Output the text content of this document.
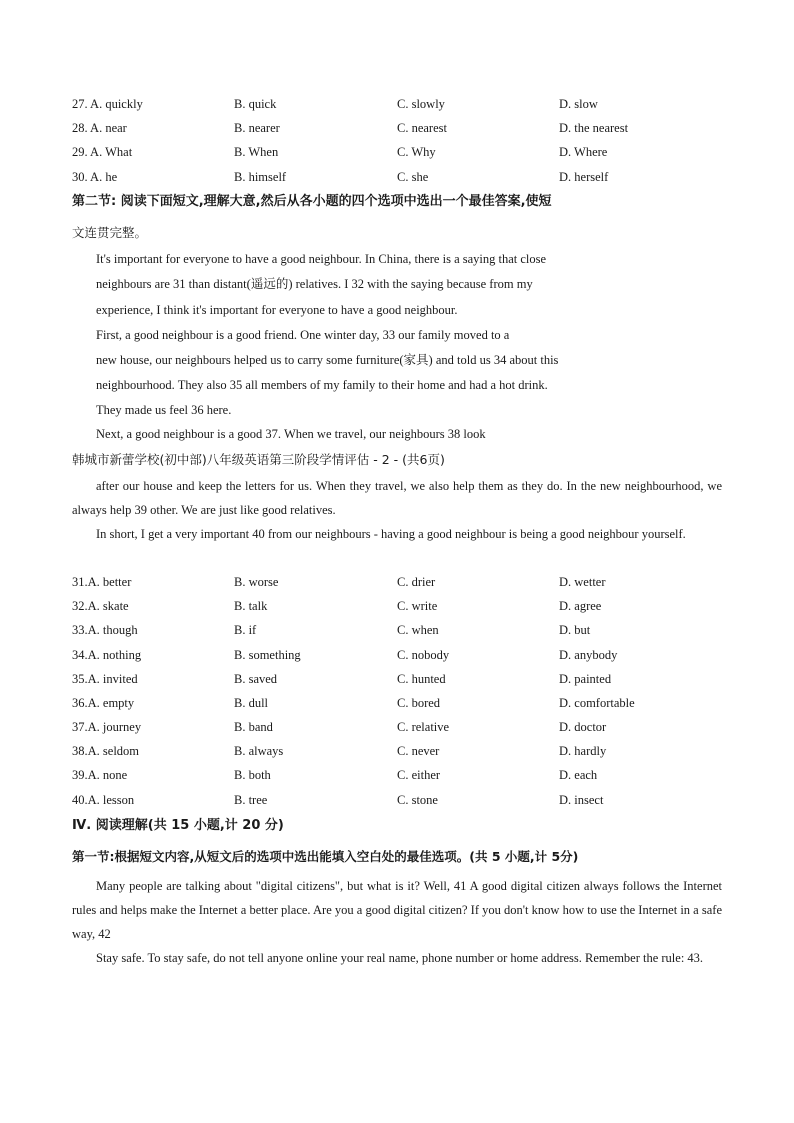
27. A. quickly	B. quick	C. slowly	D. slow
28. A. near	B. nearer	C. nearest	D. the nearest
29. A. What	B. When	C. Why	D. Where
30. A. he	B. himself	C. she	D. herself
第二节: 阅读下面短文,理解大意,然后从各小题的四个选项中选出一个最佳答案,使短
文连贯完整。
It's important for everyone to have a good neighbour. In China, there is a saying that close
neighbours are 31 than distant(遥远的) relatives. I 32 with the saying because from my
experience, I think it's important for everyone to have a good neighbour.
First, a good neighbour is a good friend. One winter day, 33 our family moved to a
new house, our neighbours helped us to carry some furniture(家具) and told us 34 about this
neighbourhood. They also 35 all members of my family to their home and had a hot drink.
They made us feel 36 here.
Next, a good neighbour is a good 37. When we travel, our neighbours 38 look
韩城市新蕾学校(初中部)八年级英语第三阶段学情评估 - 2 - (共6页)
after our house and keep the letters for us. When they travel, we also help them as they do. In the new neighbourhood, we always help 39 other. We are just like good relatives.
In short, I get a very important 40 from our neighbours - having a good neighbour is being a good neighbour yourself.
31.A. better	B. worse	C. drier	D. wetter
32.A. skate	B. talk	C. write	D. agree
33.A. though	B. if	C. when	D. but
34.A. nothing	B. something	C. nobody	D. anybody
35.A. invited	B. saved	C. hunted	D. painted
36.A. empty	B. dull	C. bored	D. comfortable
37.A. journey	B. band	C. relative	D. doctor
38.A. seldom	B. always	C. never	D. hardly
39.A. none	B. both	C. either	D. each
40.A. lesson	B. tree	C. stone	D. insect
Ⅳ. 阅读理解(共 15 小题,计 20 分)
第一节:根据短文内容,从短文后的选项中选出能填入空白处的最佳选项。(共 5 小题,计 5分)
Many people are talking about "digital citizens", but what is it? Well, 41 A good digital citizen always follows the Internet rules and helps make the Internet a better place. Are you a good digital citizen? If you don't know how to use the Internet in a safe way, 42
Stay safe. To stay safe, do not tell anyone online your real name, phone number or home address. Remember the rule: 43.
